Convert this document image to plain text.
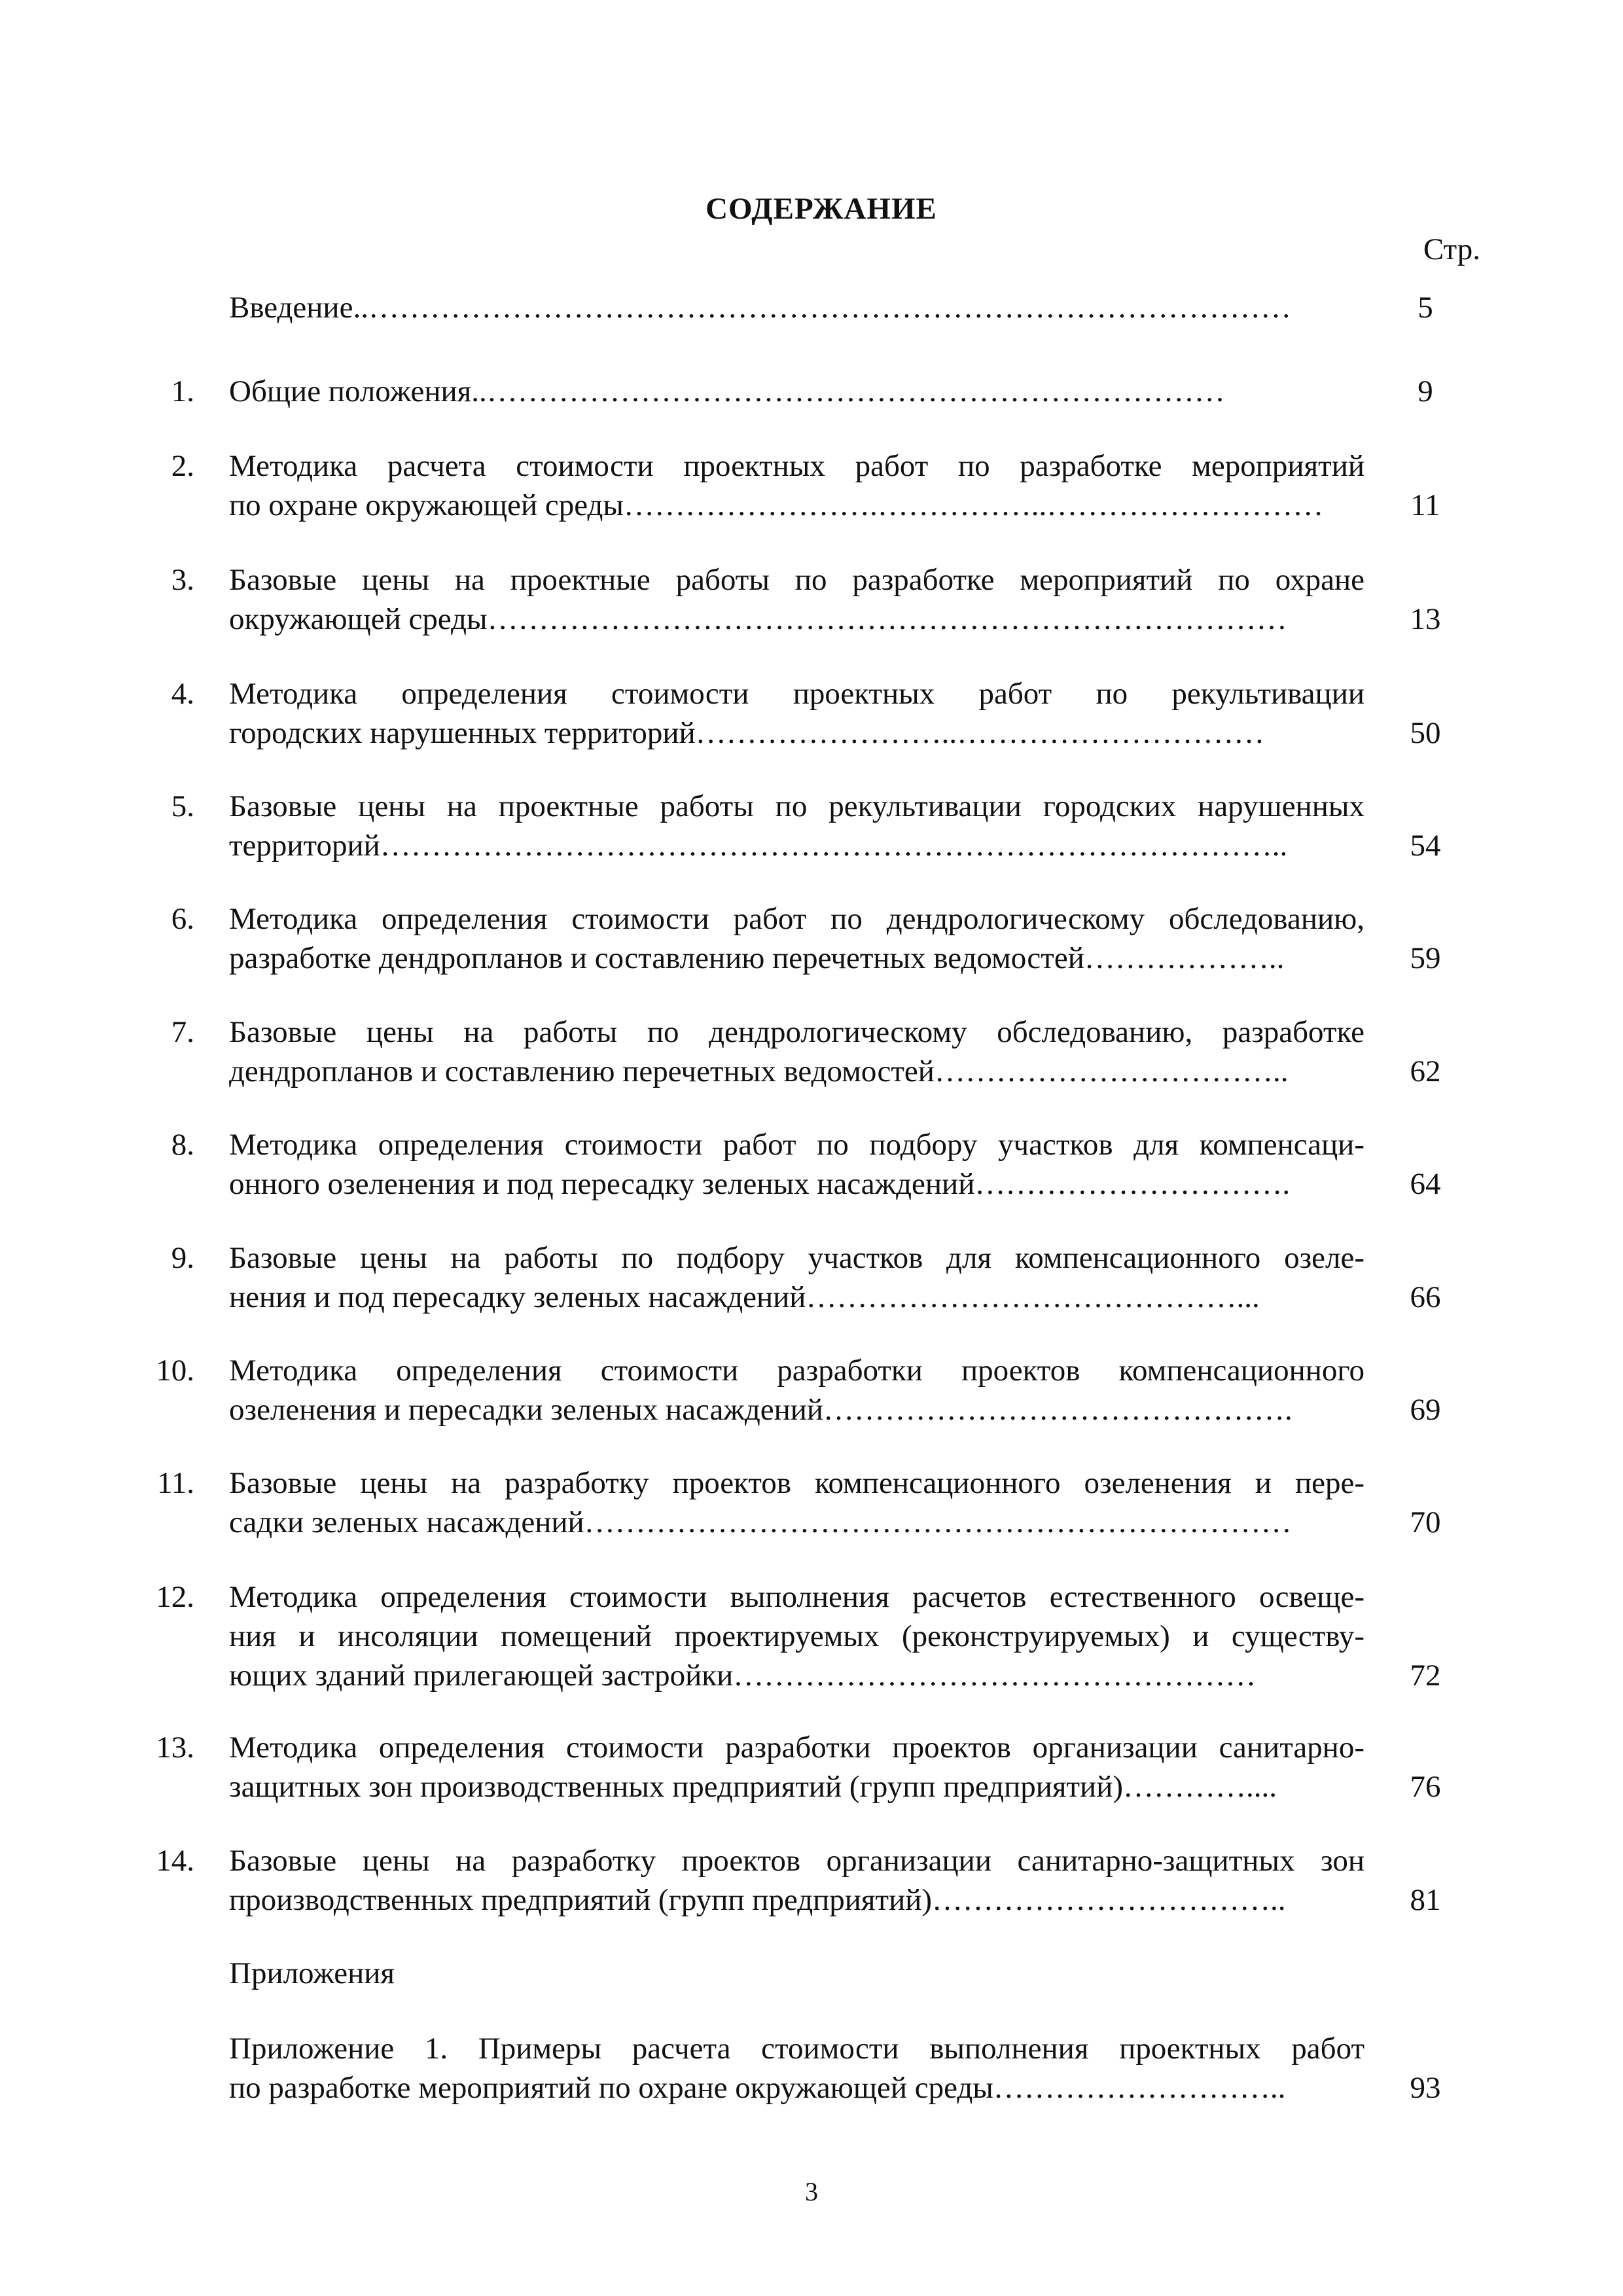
СОДЕРЖАНИЕ
Стр.
Введение..………………………………………………………………………………	5
1. Общие положения..………………………………………………………………	9
2. Методика расчета стоимости проектных работ по разработке мероприятий
по охране окружающей среды…………………….……………..………………………	11
3. Базовые цены на проектные работы по разработке мероприятий по охране
окружающей среды……………………………………………………………………	13
4. Методика определения стоимости проектных работ по рекультивации
городских нарушенных территорий……………………..…………………………	50
5. Базовые цены на проектные работы по рекультивации городских нарушенных
территорий……………………………………………………………………………..	54
6. Методика определения стоимости работ по дендрологическому обследованию,
разработке дендропланов и составлению перечетных ведомостей………………..	59
7. Базовые цены на работы по дендрологическому обследованию, разработке
дендропланов и составлению перечетных ведомостей……………………………..	62
8. Методика определения стоимости работ по подбору участков для компенсаци-
онного озеленения и под пересадку зеленых насаждений………………………….	64
9. Базовые цены на работы по подбору участков для компенсационного озеле-
нения и под пересадку зеленых насаждений……………………………………...	66
10. Методика определения стоимости разработки проектов компенсационного
озеленения и пересадки зеленых насаждений……………………………………….	69
11. Базовые цены на разработку проектов компенсационного озеленения и пере-
садки зеленых насаждений……………………………………………………………	70
12. Методика определения стоимости выполнения расчетов естественного освеще-
ния и инсоляции помещений проектируемых (реконструируемых) и существу-
ющих зданий прилегающей застройки……………………………………………	72
13. Методика определения стоимости разработки проектов организации санитарно-
защитных зон производственных предприятий (групп предприятий)…………....	76
14. Базовые цены на разработку проектов организации санитарно-защитных зон
производственных предприятий (групп предприятий)……………………………..	81
Приложения
Приложение 1. Примеры расчета стоимости выполнения проектных работ
по разработке мероприятий по охране окружающей среды………………………..	93
3
